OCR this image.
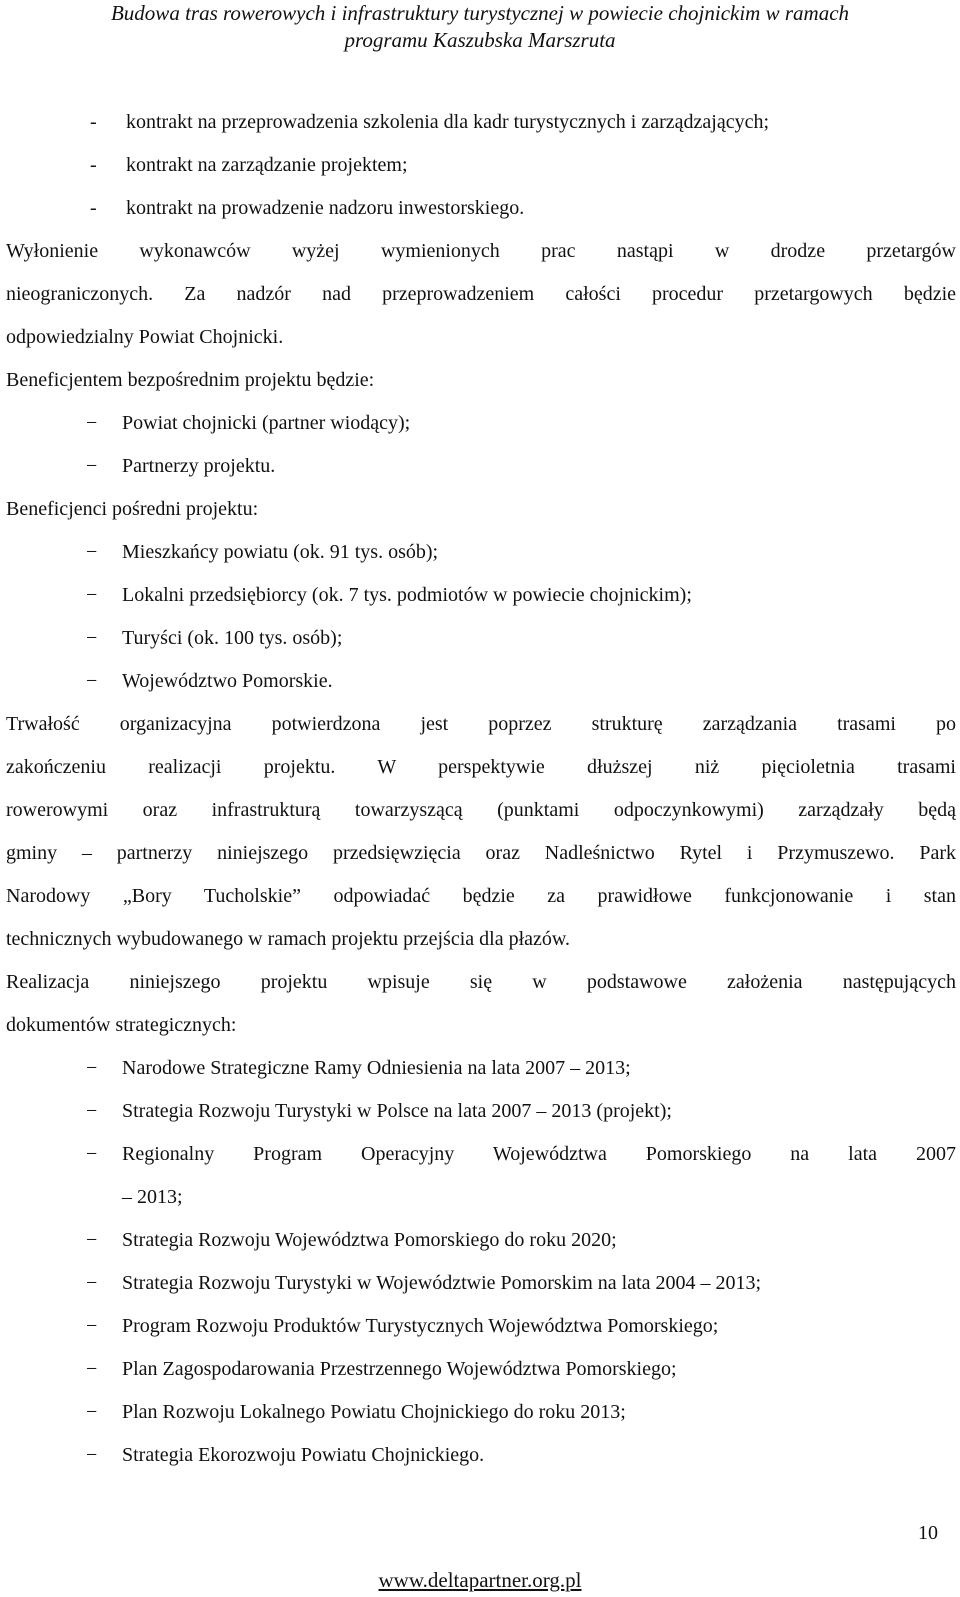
Budowa tras rowerowych i infrastruktury turystycznej w powiecie chojnickim w ramach
programu Kaszubska Marszruta
- kontrakt na przeprowadzenia szkolenia dla kadr turystycznych i zarządzających;
- kontrakt na zarządzanie projektem;
- kontrakt na prowadzenie nadzoru inwestorskiego.
Wyłonienie wykonawców wyżej wymienionych prac nastąpi w drodze przetargów
nieograniczonych. Za nadzór nad przeprowadzeniem całości procedur przetargowych będzie
odpowiedzialny Powiat Chojnicki.
Beneficjentem bezpośrednim projektu będzie:
− Powiat chojnicki (partner wiodący);
− Partnerzy projektu.
Beneficjenci pośredni projektu:
− Mieszkańcy powiatu (ok. 91 tys. osób);
− Lokalni przedsiębiorcy (ok. 7 tys. podmiotów w powiecie chojnickim);
− Turyści (ok. 100 tys. osób);
− Województwo Pomorskie.
Trwałość organizacyjna potwierdzona jest poprzez strukturę zarządzania trasami po
zakończeniu realizacji projektu. W perspektywie dłuższej niż pięcioletnia trasami
rowerowymi oraz infrastrukturą towarzyszącą (punktami odpoczynkowymi) zarządzały będą
gminy – partnerzy niniejszego przedsięwzięcia oraz Nadleśnictwo Rytel i Przymuszewo. Park
Narodowy „Bory Tucholskie” odpowiadać będzie za prawidłowe funkcjonowanie i stan
technicznych wybudowanego w ramach projektu przejścia dla płazów.
Realizacja niniejszego projektu wpisuje się w podstawowe założenia następujących
dokumentów strategicznych:
− Narodowe Strategiczne Ramy Odniesienia na lata 2007 – 2013;
− Strategia Rozwoju Turystyki w Polsce na lata 2007 – 2013 (projekt);
− Regionalny Program Operacyjny Województwa Pomorskiego na lata 2007
– 2013;
− Strategia Rozwoju Województwa Pomorskiego do roku 2020;
− Strategia Rozwoju Turystyki w Województwie Pomorskim na lata 2004 – 2013;
− Program Rozwoju Produktów Turystycznych Województwa Pomorskiego;
− Plan Zagospodarowania Przestrzennego Województwa Pomorskiego;
− Plan Rozwoju Lokalnego Powiatu Chojnickiego do roku 2013;
− Strategia Ekorozwoju Powiatu Chojnickiego.
10
www.deltapartner.org.pl
